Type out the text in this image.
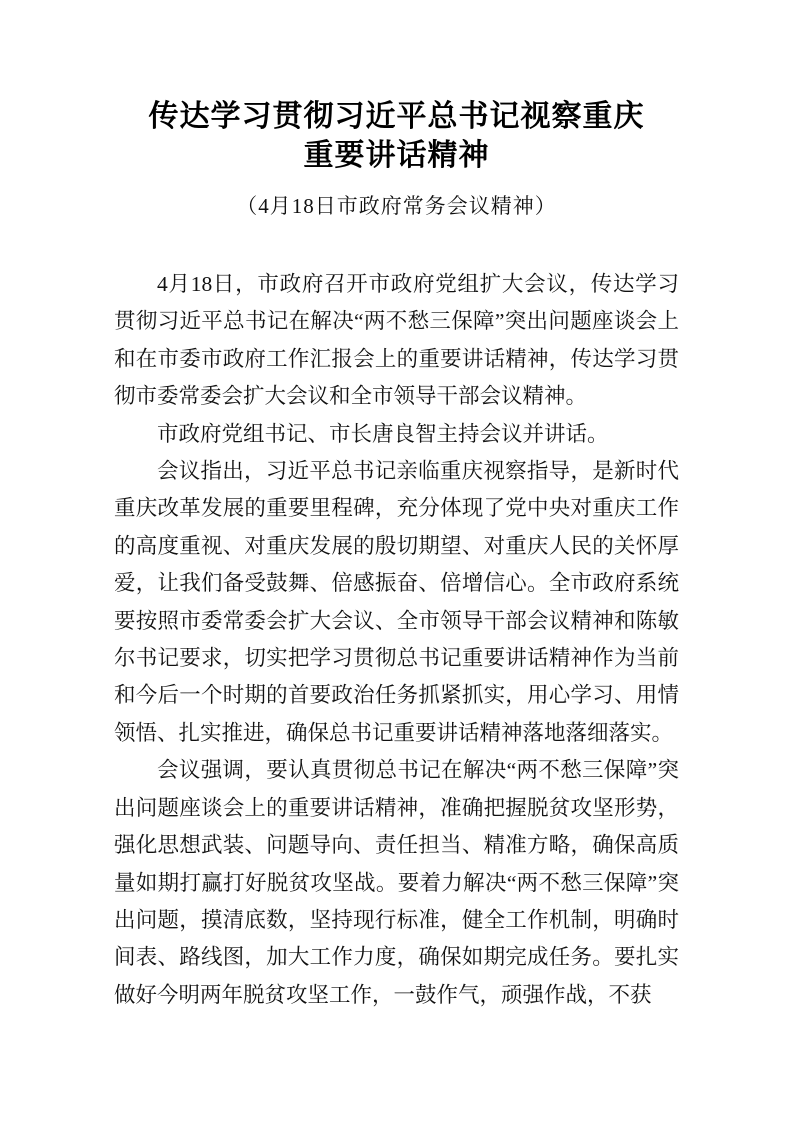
传达学习贯彻习近平总书记视察重庆
重要讲话精神
（4月18日市政府常务会议精神）

4月18日，市政府召开市政府党组扩大会议，传达学习贯彻习近平总书记在解决“两不愁三保障”突出问题座谈会上和在市委市政府工作汇报会上的重要讲话精神，传达学习贯彻市委常委会扩大会议和全市领导干部会议精神。

市政府党组书记、市长唐良智主持会议并讲话。

会议指出，习近平总书记亲临重庆视察指导，是新时代重庆改革发展的重要里程碑，充分体现了党中央对重庆工作的高度重视、对重庆发展的殷切期望、对重庆人民的关怀厚爱，让我们备受鼓舞、倍感振奋、倍增信心。全市政府系统要按照市委常委会扩大会议、全市领导干部会议精神和陈敏尔书记要求，切实把学习贯彻总书记重要讲话精神作为当前和今后一个时期的首要政治任务抓紧抓实，用心学习、用情领悟、扎实推进，确保总书记重要讲话精神落地落细落实。

会议强调，要认真贯彻总书记在解决“两不愁三保障”突出问题座谈会上的重要讲话精神，准确把握脱贫攻坚形势，强化思想武装、问题导向、责任担当、精准方略，确保高质量如期打赢打好脱贫攻坚战。要着力解决“两不愁三保障”突出问题，摸清底数，坚持现行标准，健全工作机制，明确时间表、路线图，加大工作力度，确保如期完成任务。要扎实做好今明两年脱贫攻坚工作，一鼓作气，顽强作战，不获
